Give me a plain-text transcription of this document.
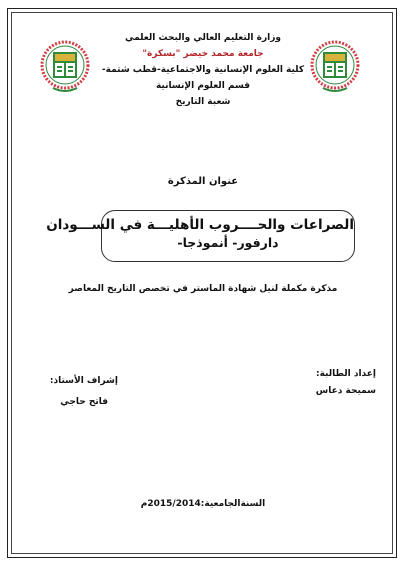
وزارة التعليم العالي والبحث العلمي
جامعة محمد خيضر "بسكرة"
كلية العلوم الإنسانية والاجتماعية-قطب شتمة-
قسم العلوم الإنسانية
شعبة التاريخ
عنوان المذكرة
الصراعات والحــــروب الأهليـــة في الســـودان
دارفور- أنموذجا-
مذكرة مكملة لنيل شهادة الماستر في تخصص التاريخ المعاصر
إعداد الطالبة:
سميحة دعاس
إشراف الأستاذ:
فاتح حاجي
السنةالجامعية:2015/2014م
